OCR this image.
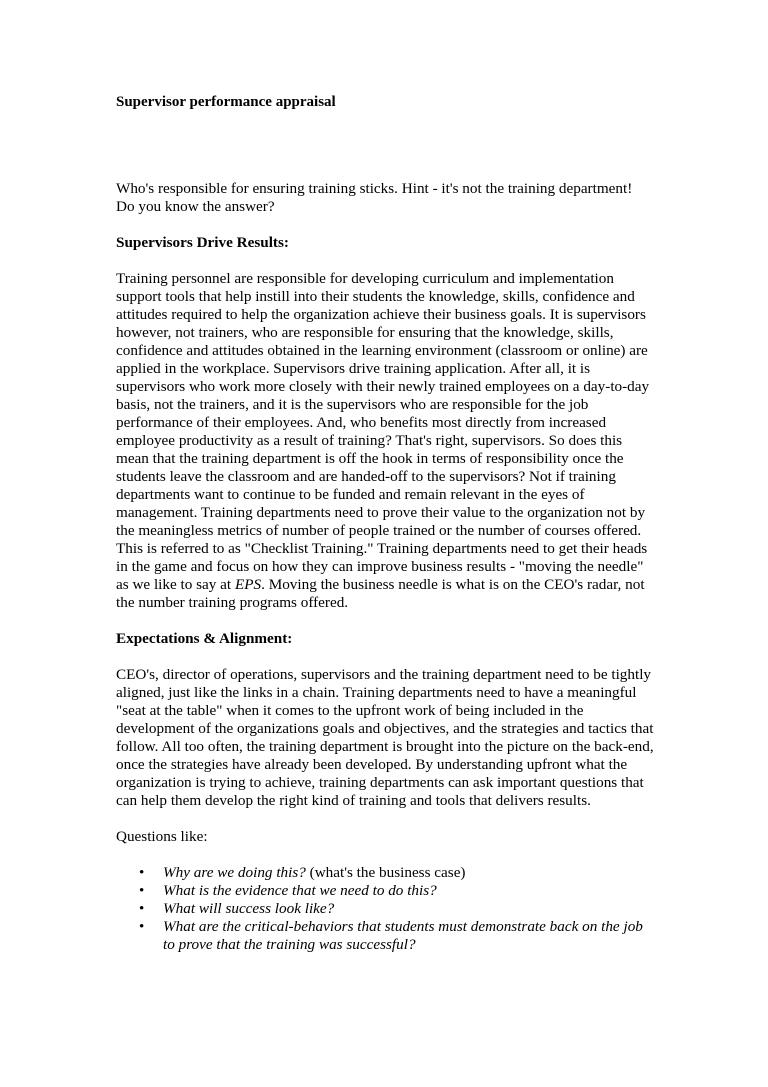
Supervisor performance appraisal

Who's responsible for ensuring training sticks. Hint - it's not the training department!
Do you know the answer?

Supervisors Drive Results:

Training personnel are responsible for developing curriculum and implementation support tools that help instill into their students the knowledge, skills, confidence and attitudes required to help the organization achieve their business goals. It is supervisors however, not trainers, who are responsible for ensuring that the knowledge, skills, confidence and attitudes obtained in the learning environment (classroom or online) are applied in the workplace. Supervisors drive training application. After all, it is supervisors who work more closely with their newly trained employees on a day-to-day basis, not the trainers, and it is the supervisors who are responsible for the job performance of their employees. And, who benefits most directly from increased employee productivity as a result of training? That's right, supervisors. So does this mean that the training department is off the hook in terms of responsibility once the students leave the classroom and are handed-off to the supervisors? Not if training departments want to continue to be funded and remain relevant in the eyes of management. Training departments need to prove their value to the organization not by the meaningless metrics of number of people trained or the number of courses offered. This is referred to as "Checklist Training." Training departments need to get their heads in the game and focus on how they can improve business results - "moving the needle" as we like to say at EPS. Moving the business needle is what is on the CEO's radar, not the number training programs offered.

Expectations & Alignment:

CEO's, director of operations, supervisors and the training department need to be tightly aligned, just like the links in a chain. Training departments need to have a meaningful "seat at the table" when it comes to the upfront work of being included in the development of the organizations goals and objectives, and the strategies and tactics that follow. All too often, the training department is brought into the picture on the back-end, once the strategies have already been developed. By understanding upfront what the organization is trying to achieve, training departments can ask important questions that can help them develop the right kind of training and tools that delivers results.

Questions like:

• Why are we doing this? (what's the business case)
• What is the evidence that we need to do this?
• What will success look like?
• What are the critical-behaviors that students must demonstrate back on the job to prove that the training was successful?
